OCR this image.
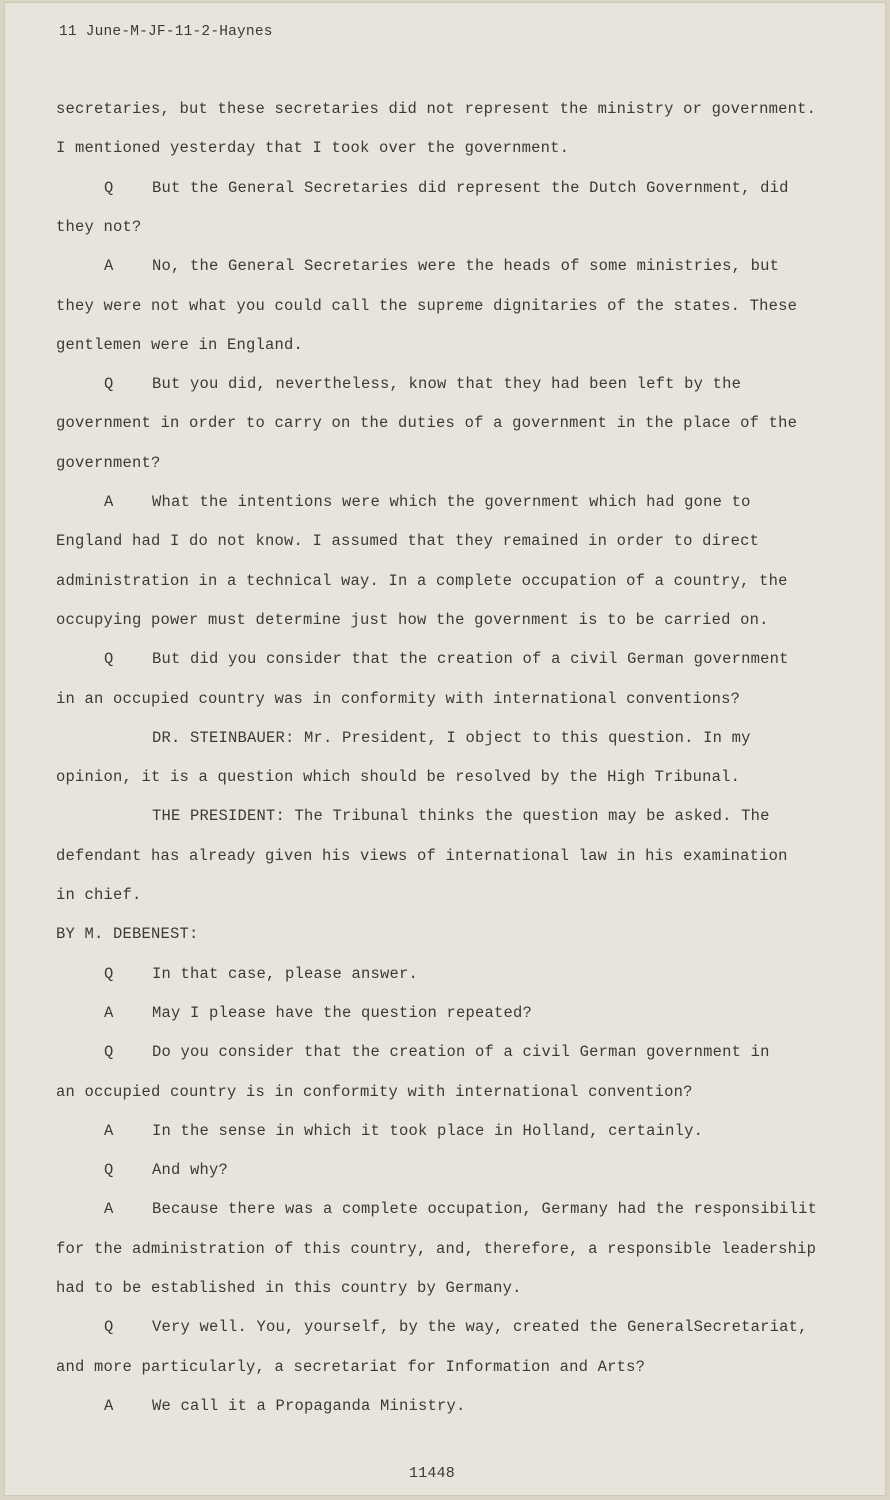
11 June-M-JF-11-2-Haynes
secretaries, but these secretaries did not represent the ministry or government.
I mentioned yesterday that I took over the government.
Q But the General Secretaries did represent the Dutch Government, did
they not?
A No, the General Secretaries were the heads of some ministries, but
they were not what you could call the supreme dignitaries of the states. These
gentlemen were in England.
Q But you did, nevertheless, know that they had been left by the
government in order to carry on the duties of a government in the place of the
government?
A What the intentions were which the government which had gone to
England had I do not know. I assumed that they remained in order to direct
administration in a technical way. In a complete occupation of a country, the
occupying power must determine just how the government is to be carried on.
Q But did you consider that the creation of a civil German government
in an occupied country was in conformity with international conventions?
DR. STEINBAUER: Mr. President, I object to this question. In my
opinion, it is a question which should be resolved by the High Tribunal.
THE PRESIDENT: The Tribunal thinks the question may be asked. The
defendant has already given his views of international law in his examination
in chief.
BY M. DEBENEST:
Q In that case, please answer.
A May I please have the question repeated?
Q Do you consider that the creation of a civil German government in
an occupied country is in conformity with international convention?
A In the sense in which it took place in Holland, certainly.
Q And why?
A Because there was a complete occupation, Germany had the responsibilit
for the administration of this country, and, therefore, a responsible leadership
had to be established in this country by Germany.
Q Very well. You, yourself, by the way, created the GeneralSecretariat,
and more particularly, a secretariat for Information and Arts?
A We call it a Propaganda Ministry.
11448
